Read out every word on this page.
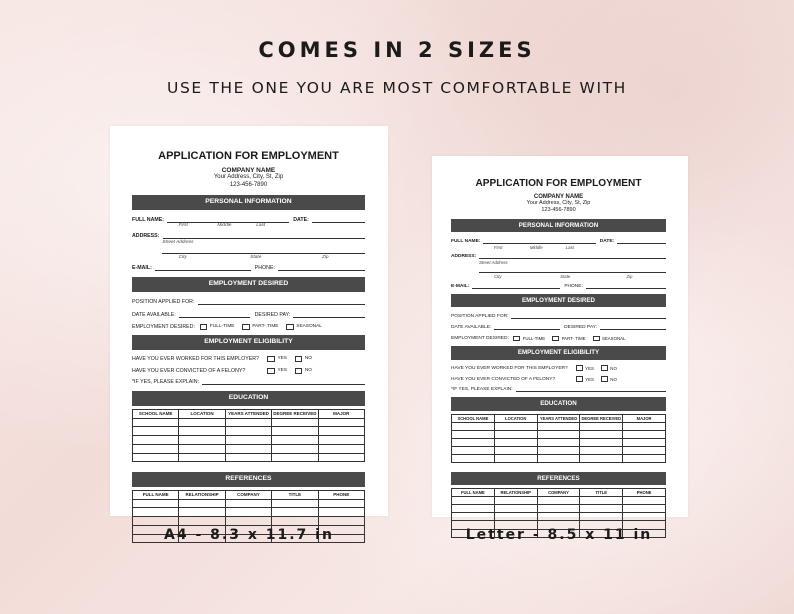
COMES IN 2 SIZES
USE THE ONE YOU ARE MOST COMFORTABLE WITH
APPLICATION FOR EMPLOYMENT
COMPANY NAME
Your Address, City, St, Zip
123-456-7890
PERSONAL INFORMATION
FULL NAME:	DATE:
First	Middle	Last
ADDRESS:
Street Address
City	State	Zip
E-MAIL:	PHONE:
EMPLOYMENT DESIRED
POSITION APPLIED FOR:
DATE AVAILABLE:	DESIRED PAY:
EMPLOYMENT DESIRED:	FULL-TIME	PART- TIME	SEASONAL
EMPLOYMENT ELIGIBILITY
HAVE YOU EVER WORKED FOR THIS EMPLOYER?	YES	NO
HAVE YOU EVER CONVICTED OF A FELONY?	YES	NO
*IF YES, PLEASE EXPLAIN:
EDUCATION
SCHOOL NAME	LOCATION	YEARS ATTENDED	DEGREE RECEIVED	MAJOR

REFERENCES
FULL NAME	RELATIONSHIP	COMPANY	TITLE	PHONE

APPLICATION FOR EMPLOYMENT
COMPANY NAME
Your Address, City, St, Zip
123-456-7890
PERSONAL INFORMATION
FULL NAME:	DATE:
First	Middle	Last
ADDRESS:
Street Address
City	State	Zip
E-MAIL:	PHONE:
EMPLOYMENT DESIRED
POSITION APPLIED FOR:
DATE AVAILABLE:	DESIRED PAY:
EMPLOYMENT DESIRED:	FULL-TIME	PART- TIME	SEASONAL
EMPLOYMENT ELIGIBILITY
HAVE YOU EVER WORKED FOR THIS EMPLOYER?	YES	NO
HAVE YOU EVER CONVICTED OF A FELONY?	YES	NO
*IF YES, PLEASE EXPLAIN:
EDUCATION
SCHOOL NAME	LOCATION	YEARS ATTENDED	DEGREE RECEIVED	MAJOR

REFERENCES
FULL NAME	RELATIONSHIP	COMPANY	TITLE	PHONE

A4 - 8.3 x 11.7 in	Letter - 8.5 x 11 in
